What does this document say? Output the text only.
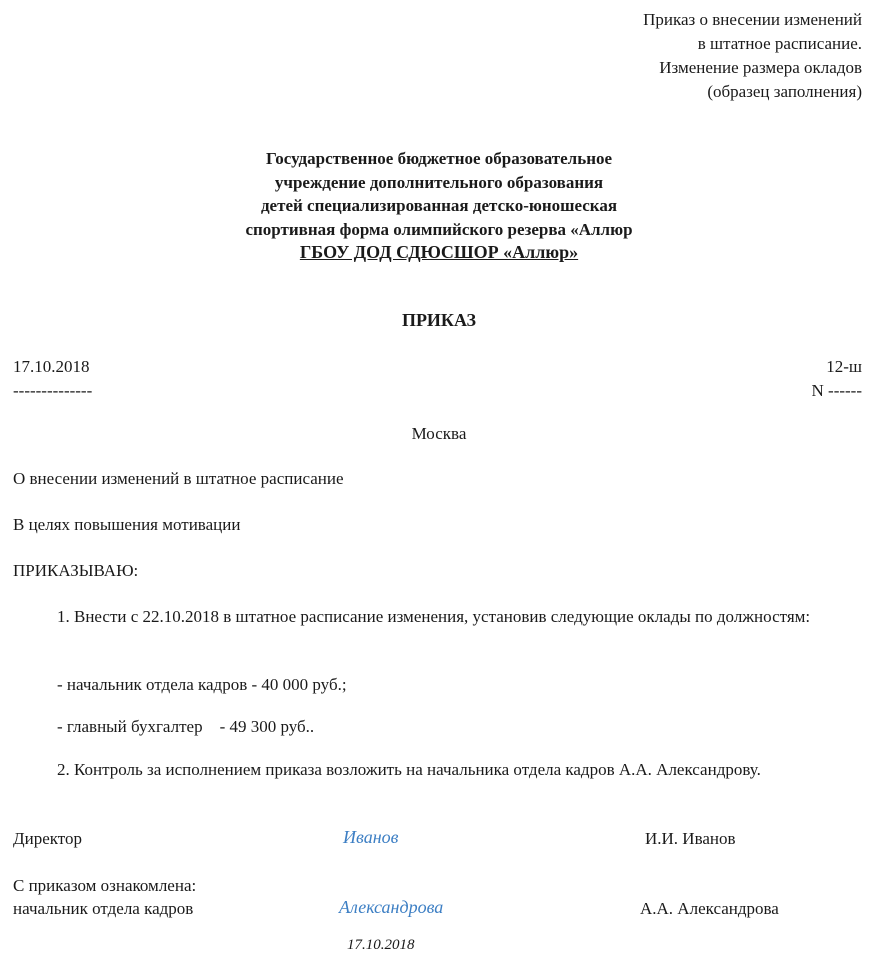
Приказ о внесении изменений
в штатное расписание.
Изменение размера окладов
(образец заполнения)
Государственное бюджетное образовательное
учреждение дополнительного образования
детей специализированная детско-юношеская
спортивная форма олимпийского резерва «Аллюр
ГБОУ ДОД СДЮСШОР «Аллюр»
ПРИКАЗ
17.10.2018
--------------
12-ш
N ------
Москва
О внесении изменений в штатное расписание
В целях повышения мотивации
ПРИКАЗЫВАЮ:
1. Внести с 22.10.2018 в штатное расписание изменения, установив следующие оклады по должностям:
- начальник отдела кадров - 40 000 руб.;
- главный бухгалтер    - 49 300 руб..
2. Контроль за исполнением приказа возложить на начальника отдела кадров А.А. Александрову.
Директор	Иванов	И.И. Иванов
С приказом ознакомлена:
начальник отдела кадров	Александрова	А.А. Александрова
17.10.2018
